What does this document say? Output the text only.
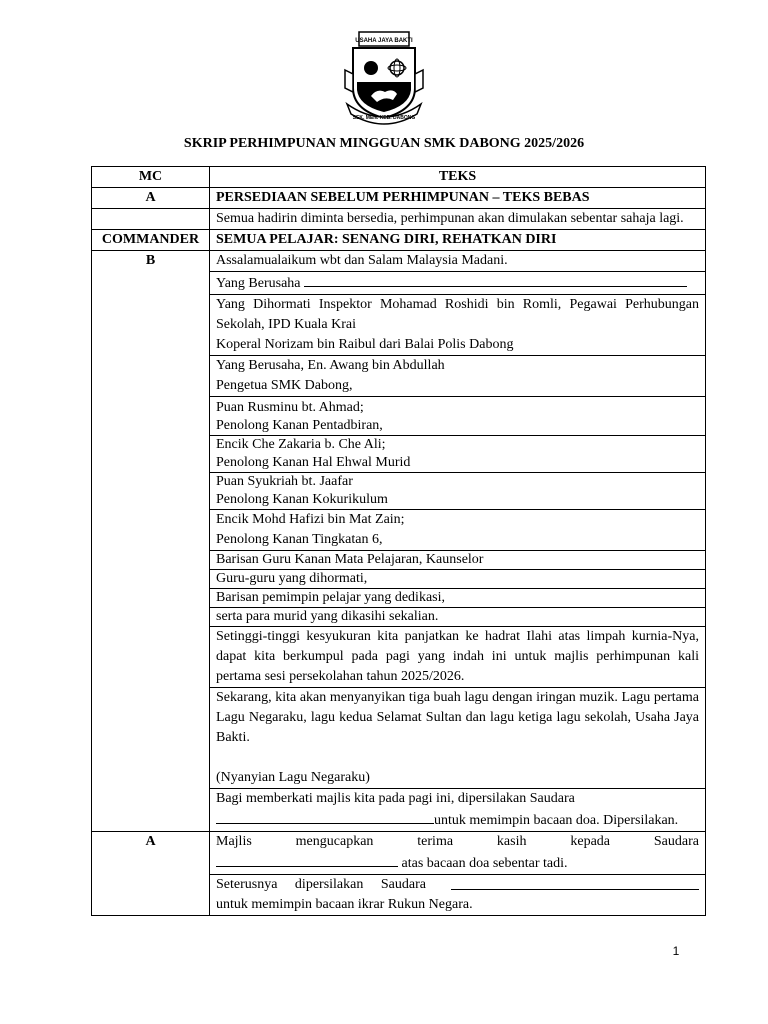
USAHA JAYA BAKTI
SEK. MEN. KEB. DABONG
SKRIP PERHIMPUNAN MINGGUAN SMK DABONG 2025/2026
MC	TEKS
A	PERSEDIAAN SEBELUM PERHIMPUNAN – TEKS BEBAS
	Semua hadirin diminta bersedia, perhimpunan akan dimulakan sebentar sahaja lagi.
COMMANDER	SEMUA PELAJAR: SENANG DIRI, REHATKAN DIRI
B	Assalamualaikum wbt dan Salam Malaysia Madani.
	Yang Berusaha

	Yang Dihormati Inspektor Mohamad Roshidi bin Romli, Pegawai Perhubungan Sekolah, IPD Kuala Krai
Koperal Norizam bin Raibul dari Balai Polis Dabong

	Yang Berusaha, En. Awang bin Abdullah
Pengetua SMK Dabong,

	Puan Rusminu bt. Ahmad;
Penolong Kanan Pentadbiran,

	Encik Che Zakaria b. Che Ali;
Penolong Kanan Hal Ehwal Murid

	Puan Syukriah bt. Jaafar
Penolong Kanan Kokurikulum

	Encik Mohd Hafizi bin Mat Zain;
Penolong Kanan Tingkatan 6,

	Barisan Guru Kanan Mata Pelajaran, Kaunselor
	Guru-guru yang dihormati,
	Barisan pemimpin pelajar yang dedikasi,
	serta para murid yang dikasihi sekalian.
	Setinggi-tinggi kesyukuran kita panjatkan ke hadrat Ilahi atas limpah kurnia-Nya, dapat kita berkumpul pada pagi yang indah ini untuk majlis perhimpunan kali pertama sesi persekolahan tahun 2025/2026.

	Sekarang, kita akan menyanyikan tiga buah lagu dengan iringan muzik. Lagu pertama Lagu Negaraku, lagu kedua Selamat Sultan dan lagu ketiga lagu sekolah, Usaha Jaya Bakti.
(Nyanyian Lagu Negaraku)

	Bagi memberkati majlis kita pada pagi ini, dipersilakan Saudara
untuk memimpin bacaan doa. Dipersilakan.

A	Majlis mengucapkan terima kasih kepada Saudara
atas bacaan doa sebentar tadi.

	Seterusnya dipersilakan Saudara
untuk memimpin bacaan ikrar Rukun Negara.
1
